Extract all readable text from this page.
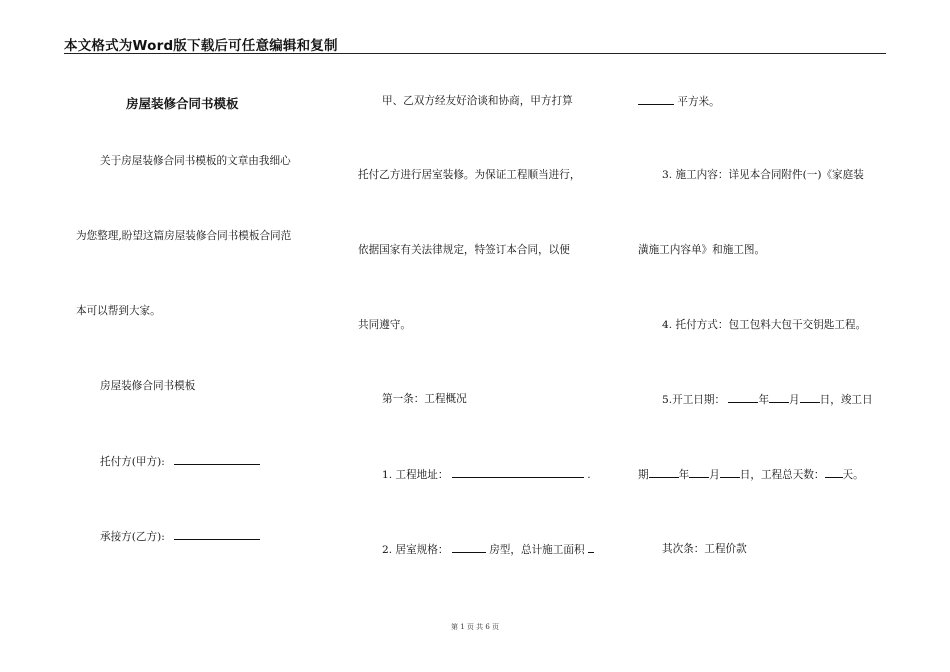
本文格式为Word版下载后可任意编辑和复制
房屋装修合同书模板
关于房屋装修合同书模板的文章由我细心
为您整理,盼望这篇房屋装修合同书模板合同范
本可以帮到大家。
房屋装修合同书模板
托付方(甲方):
承接方(乙方):
甲、乙双方经友好洽谈和协商，甲方打算
托付乙方进行居室装修。为保证工程顺当进行，
依据国家有关法律规定，特签订本合同，以便
共同遵守。
第一条：工程概况
1. 工程地址：	.
2. 居室规格：	房型，总计施工面积
平方米。
3. 施工内容：详见本合同附件(一)《家庭装
潢施工内容单》和施工图。
4. 托付方式：包工包料大包干交钥匙工程。
5.开工日期：	年 月 日，竣工日
期	年 月 日，工程总天数： 天。
其次条：工程价款
第 1 页 共 6 页
